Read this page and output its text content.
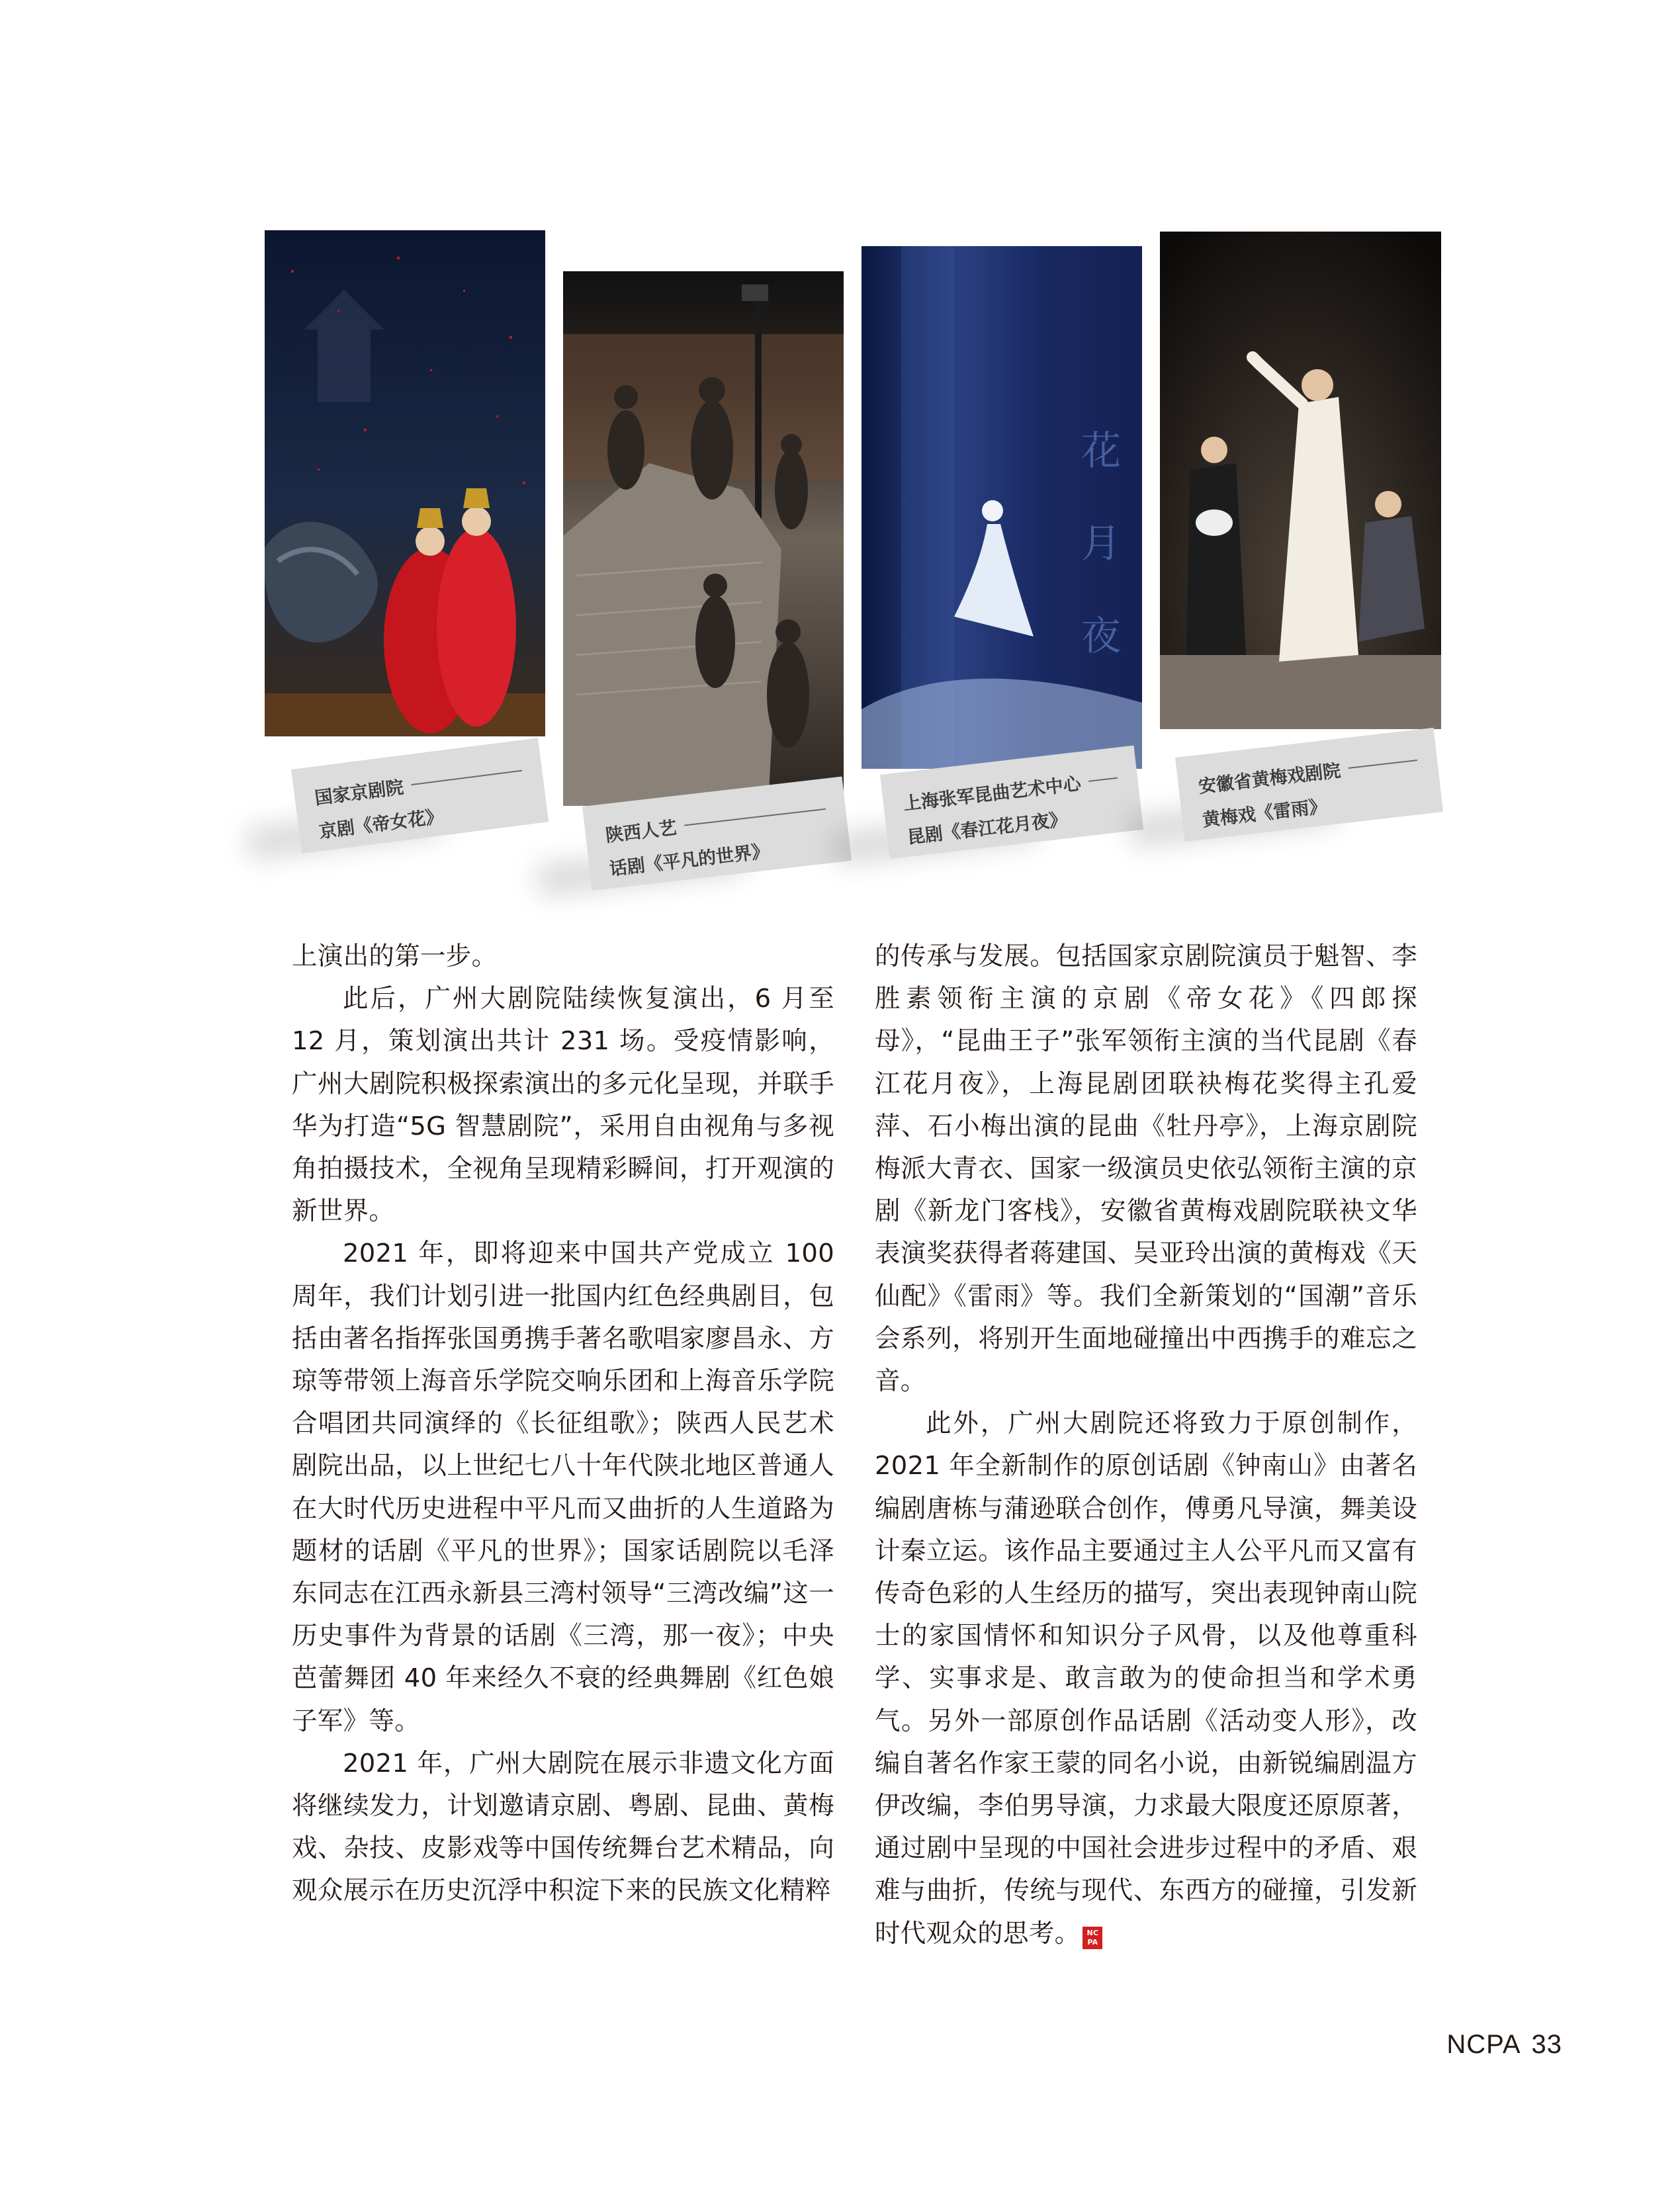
国家京剧院
京剧《帝女花》	陕西人艺
话剧《平凡的世界》
花
月
夜
上海张军昆曲艺术中心
昆剧《春江花月夜》
安徽省黄梅戏剧院
黄梅戏《雷雨》

上演出的第一步。

此后，广州大剧院陆续恢复演出，6 月至 12 月，策划演出共计 231 场。受疫情影响，广州大剧院积极探索演出的多元化呈现，并联手华为打造“5G 智慧剧院”，采用自由视角与多视角拍摄技术，全视角呈现精彩瞬间，打开观演的新世界。

2021 年，即将迎来中国共产党成立 100 周年，我们计划引进一批国内红色经典剧目，包括由著名指挥张国勇携手著名歌唱家廖昌永、方琼等带领上海音乐学院交响乐团和上海音乐学院合唱团共同演绎的《长征组歌》；陕西人民艺术剧院出品，以上世纪七八十年代陕北地区普通人在大时代历史进程中平凡而又曲折的人生道路为题材的话剧《平凡的世界》；国家话剧院以毛泽东同志在江西永新县三湾村领导“三湾改编”这一历史事件为背景的话剧《三湾，那一夜》；中央芭蕾舞团 40 年来经久不衰的经典舞剧《红色娘子军》等。

2021 年，广州大剧院在展示非遗文化方面将继续发力，计划邀请京剧、粤剧、昆曲、黄梅戏、杂技、皮影戏等中国传统舞台艺术精品，向观众展示在历史沉浮中积淀下来的民族文化精粹

的传承与发展。包括国家京剧院演员于魁智、李胜素领衔主演的京剧《帝女花》《四郎探母》，“昆曲王子”张军领衔主演的当代昆剧《春江花月夜》，上海昆剧团联袂梅花奖得主孔爱萍、石小梅出演的昆曲《牡丹亭》，上海京剧院梅派大青衣、国家一级演员史依弘领衔主演的京剧《新龙门客栈》，安徽省黄梅戏剧院联袂文华表演奖获得者蒋建国、吴亚玲出演的黄梅戏《天仙配》《雷雨》等。我们全新策划的“国潮”音乐会系列，将别开生面地碰撞出中西携手的难忘之音。

此外，广州大剧院还将致力于原创制作，2021 年全新制作的原创话剧《钟南山》由著名编剧唐栋与蒲逊联合创作，傅勇凡导演，舞美设计秦立运。该作品主要通过主人公平凡而又富有传奇色彩的人生经历的描写，突出表现钟南山院士的家国情怀和知识分子风骨，以及他尊重科学、实事求是、敢言敢为的使命担当和学术勇气。另外一部原创作品话剧《活动变人形》，改编自著名作家王蒙的同名小说，由新锐编剧温方伊改编，李伯男导演，力求最大限度还原原著，通过剧中呈现的中国社会进步过程中的矛盾、艰难与曲折，传统与现代、东西方的碰撞，引发新时代观众的思考。 NC
PA

NCPA 33
